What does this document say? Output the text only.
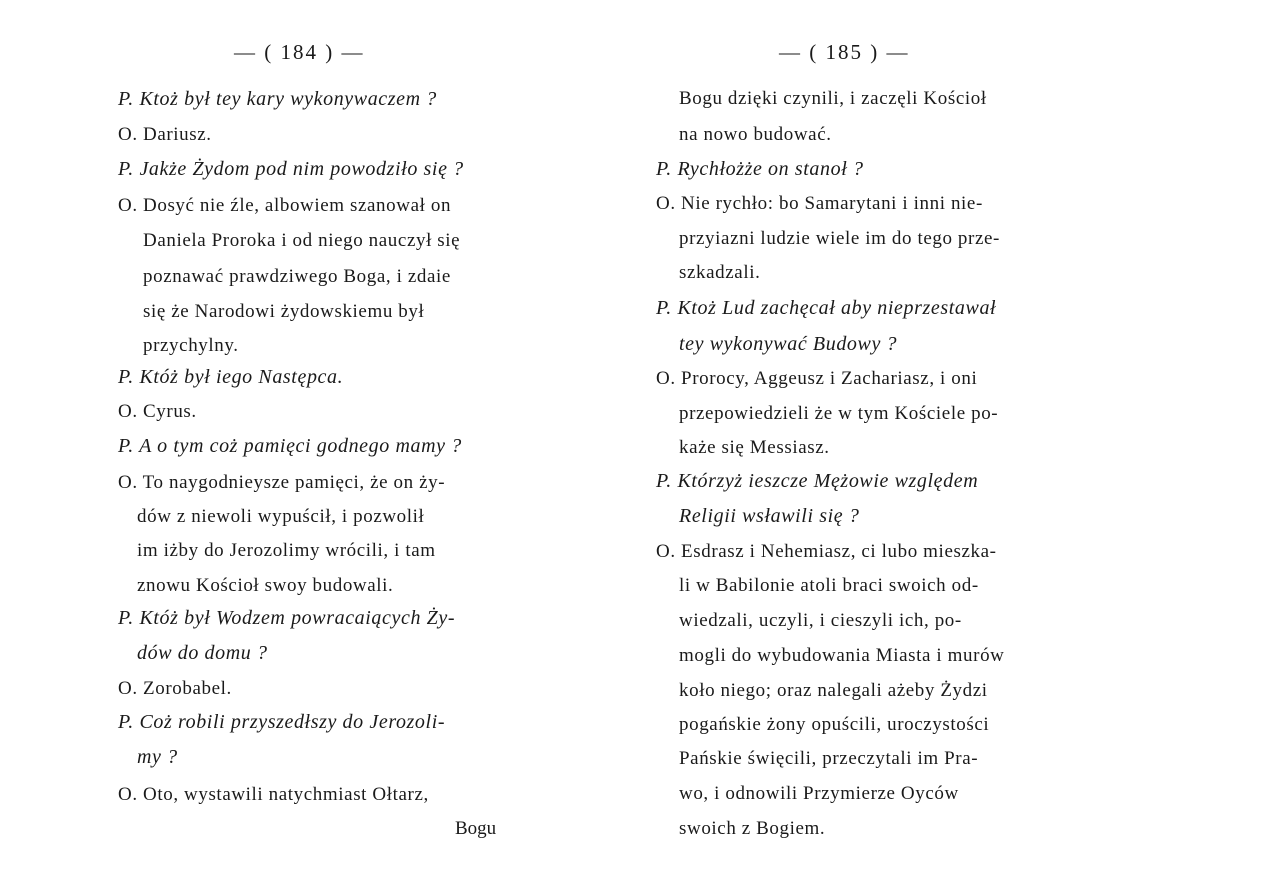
— ( 184 ) —
P. Ktoż był tey kary wykonywaczem ?
O. Dariusz.
P. Jakże Żydom pod nim powodziło się ?
O. Dosyć nie źle, albowiem szanował on
Daniela Proroka i od niego nauczył się
poznawać prawdziwego Boga, i zdaie
się że Narodowi żydowskiemu był
przychylny.
P. Któż był iego Następca.
O. Cyrus.
P. A o tym coż pamięci godnego mamy ?
O. To naygodnieysze pamięci, że on ży-
dów z niewoli wypuścił, i pozwolił
im iżby do Jerozolimy wrócili, i tam
znowu Kościoł swoy budowali.
P. Któż był Wodzem powracaiących Ży-
dów do domu ?
O. Zorobabel.
P. Coż robili przyszedłszy do Jerozoli-
my ?
O. Oto, wystawili natychmiast Ołtarz,
Bogu
— ( 185 ) —
Bogu dzięki czynili, i zaczęli Kościoł
na nowo budować.
P. Rychłożże on stanoł ?
O. Nie rychło: bo Samarytani i inni nie-
przyiazni ludzie wiele im do tego prze-
szkadzali.
P. Ktoż Lud zachęcał aby nieprzestawał
tey wykonywać Budowy ?
O. Prorocy, Aggeusz i Zachariasz, i oni
przepowiedzieli że w tym Kościele po-
każe się Messiasz.
P. Którzyż ieszcze Mężowie względem
Religii wsławili się ?
O. Esdrasz i Nehemiasz, ci lubo mieszka-
li w Babilonie atoli braci swoich od-
wiedzali, uczyli, i cieszyli ich, po-
mogli do wybudowania Miasta i murów
koło niego; oraz nalegali ażeby Żydzi
pogańskie żony opuścili, uroczystości
Pańskie święcili, przeczytali im Pra-
wo, i odnowili Przymierze Oyców
swoich z Bogiem.
